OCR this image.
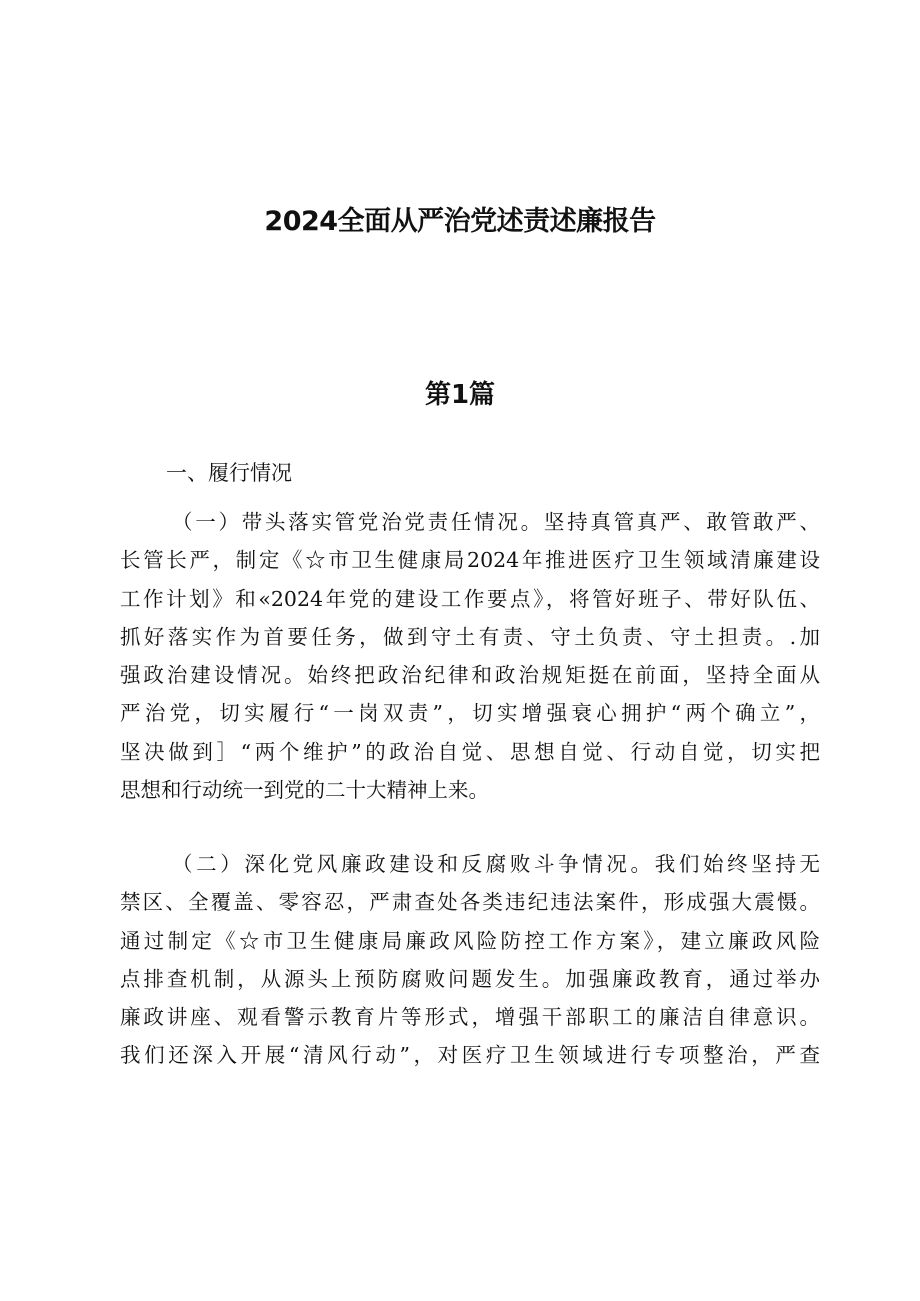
2024全面从严治党述责述廉报告
第1篇
一、履行情况
（一）带头落实管党治党责任情况。坚持真管真严、敢管敢严、
长管长严，制定《☆市卫生健康局2024年推进医疗卫生领域清廉建设
工作计划》和«2024年党的建设工作要点》，将管好班子、带好队伍、
抓好落实作为首要任务，做到守土有责、守土负责、守土担责。.加
强政治建设情况。始终把政治纪律和政治规矩挺在前面，坚持全面从
严治党，切实履行“一岗双责”，切实增强衰心拥护“两个确立”，
坚决做到］“两个维护”的政治自觉、思想自觉、行动自觉，切实把
思想和行动统一到党的二十大精神上来。
（二）深化党风廉政建设和反腐败斗争情况。我们始终坚持无
禁区、全覆盖、零容忍，严肃查处各类违纪违法案件，形成强大震慑。
通过制定《☆市卫生健康局廉政风险防控工作方案》，建立廉政风险
点排查机制，从源头上预防腐败问题发生。加强廉政教育，通过举办
廉政讲座、观看警示教育片等形式，增强干部职工的廉洁自律意识。
我们还深入开展“清风行动”，对医疗卫生领域进行专项整治，严查
